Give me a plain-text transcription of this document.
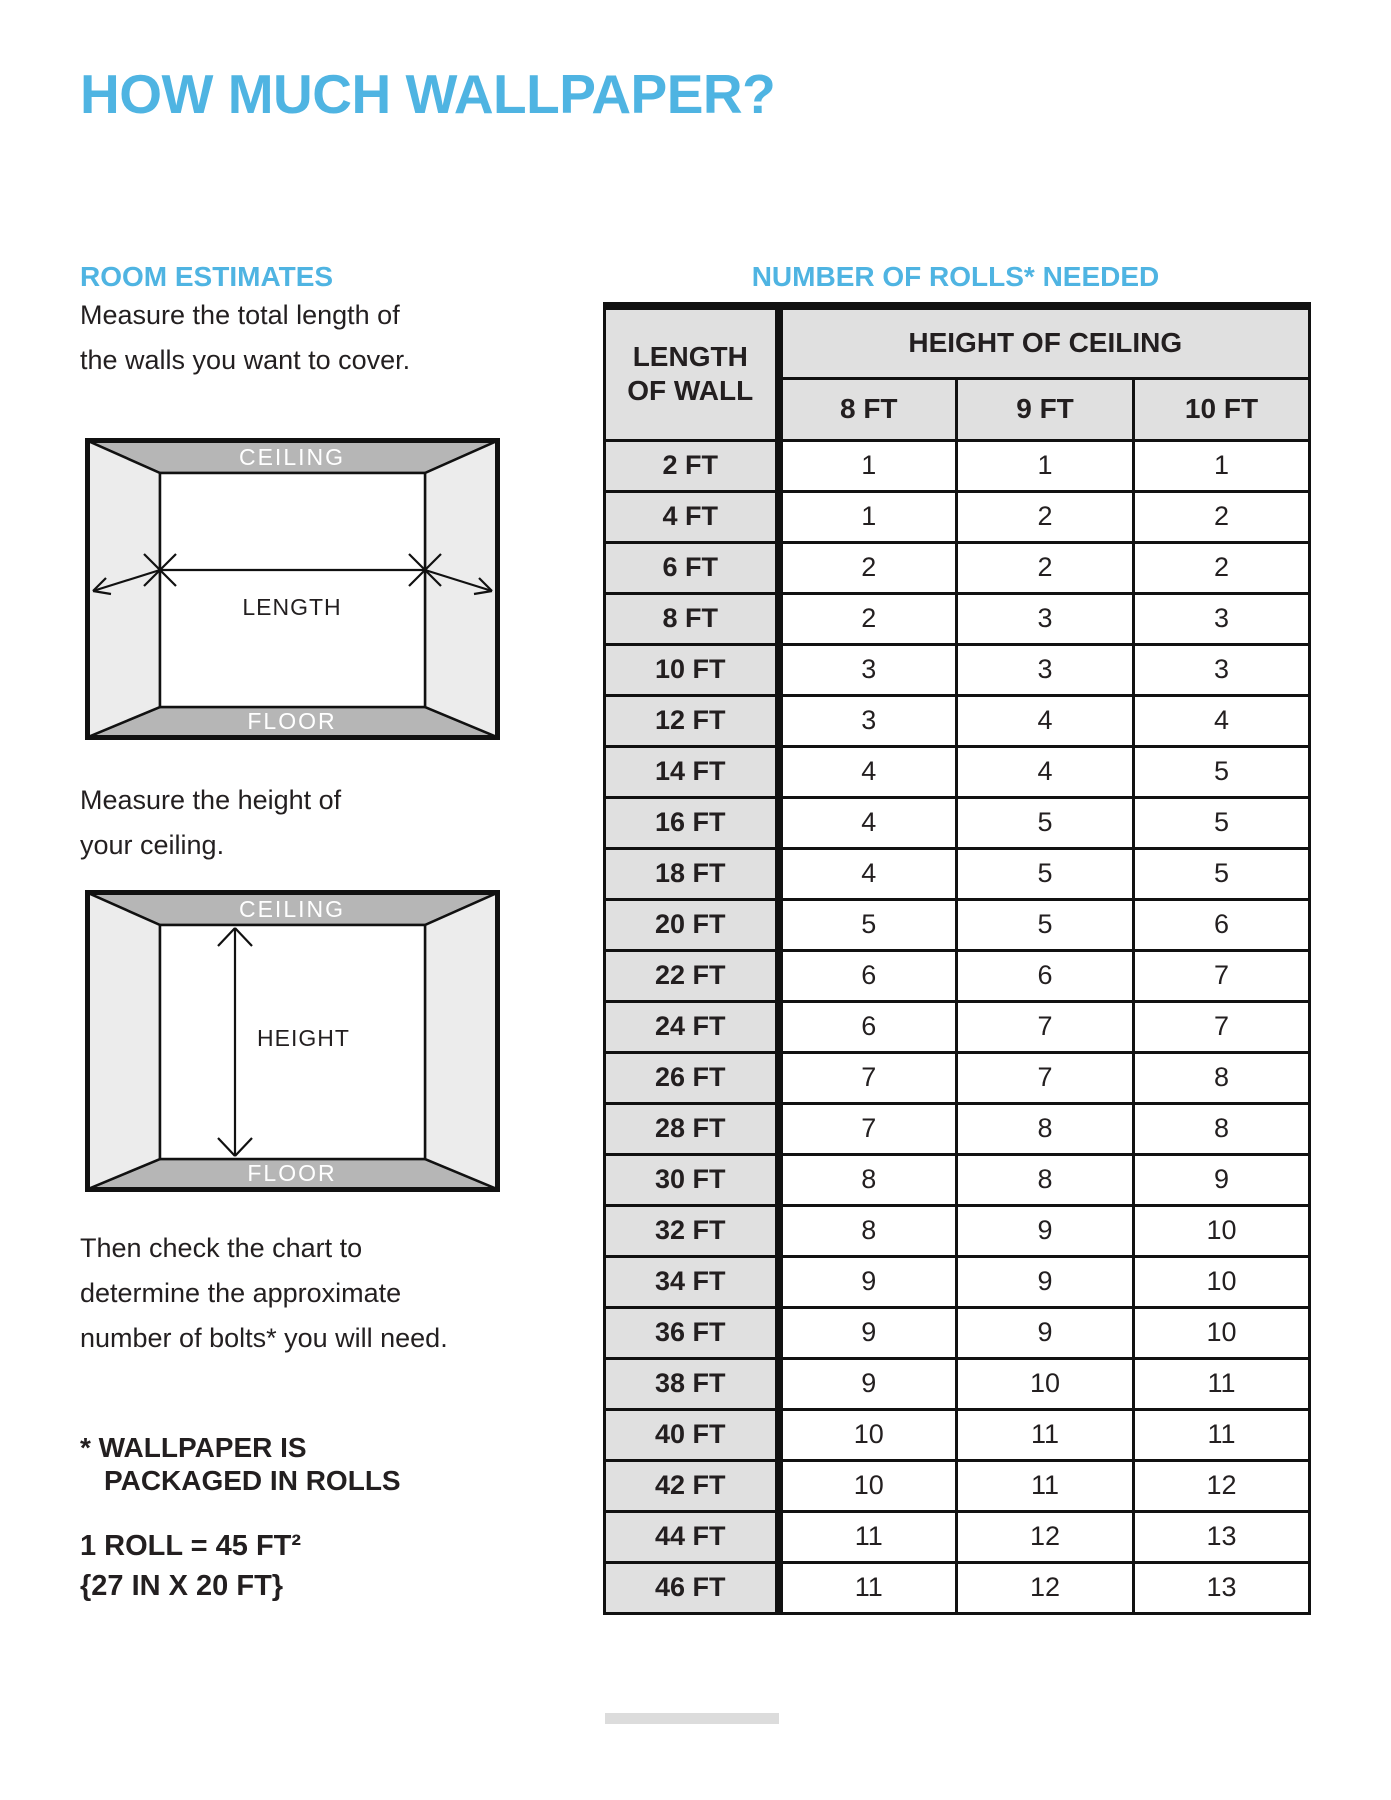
HOW MUCH WALLPAPER?
ROOM ESTIMATES	NUMBER OF ROLLS* NEEDED
Measure the total length of
the walls you want to cover.
CEILING
FLOOR
LENGTH
Measure the height of
your ceiling.
CEILING
FLOOR
HEIGHT
Then check the chart to
determine the approximate
number of bolts* you will need.
* WALLPAPER IS
PACKAGED IN ROLLS
1 ROLL = 45 FT²
{27 IN X 20 FT}
LENGTH
OF WALL	HEIGHT OF CEILING		
	8 FT	9 FT	10 FT
2 FT	1	1	1
4 FT	1	2	2
6 FT	2	2	2
8 FT	2	3	3
10 FT	3	3	3
12 FT	3	4	4
14 FT	4	4	5
16 FT	4	5	5
18 FT	4	5	5
20 FT	5	5	6
22 FT	6	6	7
24 FT	6	7	7
26 FT	7	7	8
28 FT	7	8	8
30 FT	8	8	9
32 FT	8	9	10
34 FT	9	9	10
36 FT	9	9	10
38 FT	9	10	11
40 FT	10	11	11
42 FT	10	11	12
44 FT	11	12	13
46 FT	11	12	13
